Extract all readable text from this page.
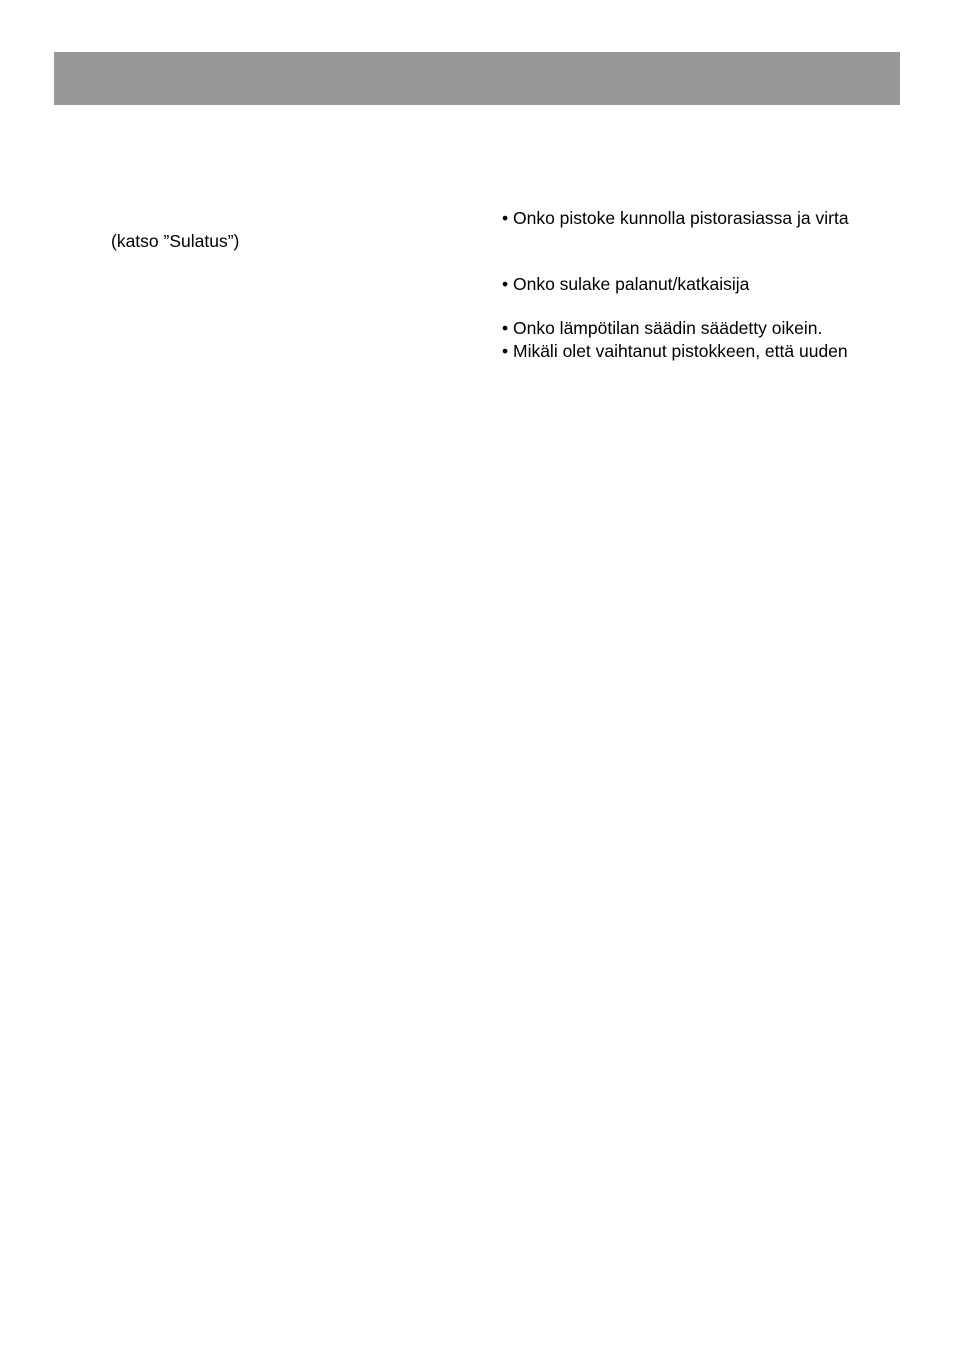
(katso ”Sulatus”)

• Onko pistoke kunnolla pistorasiassa ja virta

• Onko sulake palanut/katkaisija

• Onko lämpötilan säädin säädetty oikein.

• Mikäli olet vaihtanut pistokkeen, että uuden
